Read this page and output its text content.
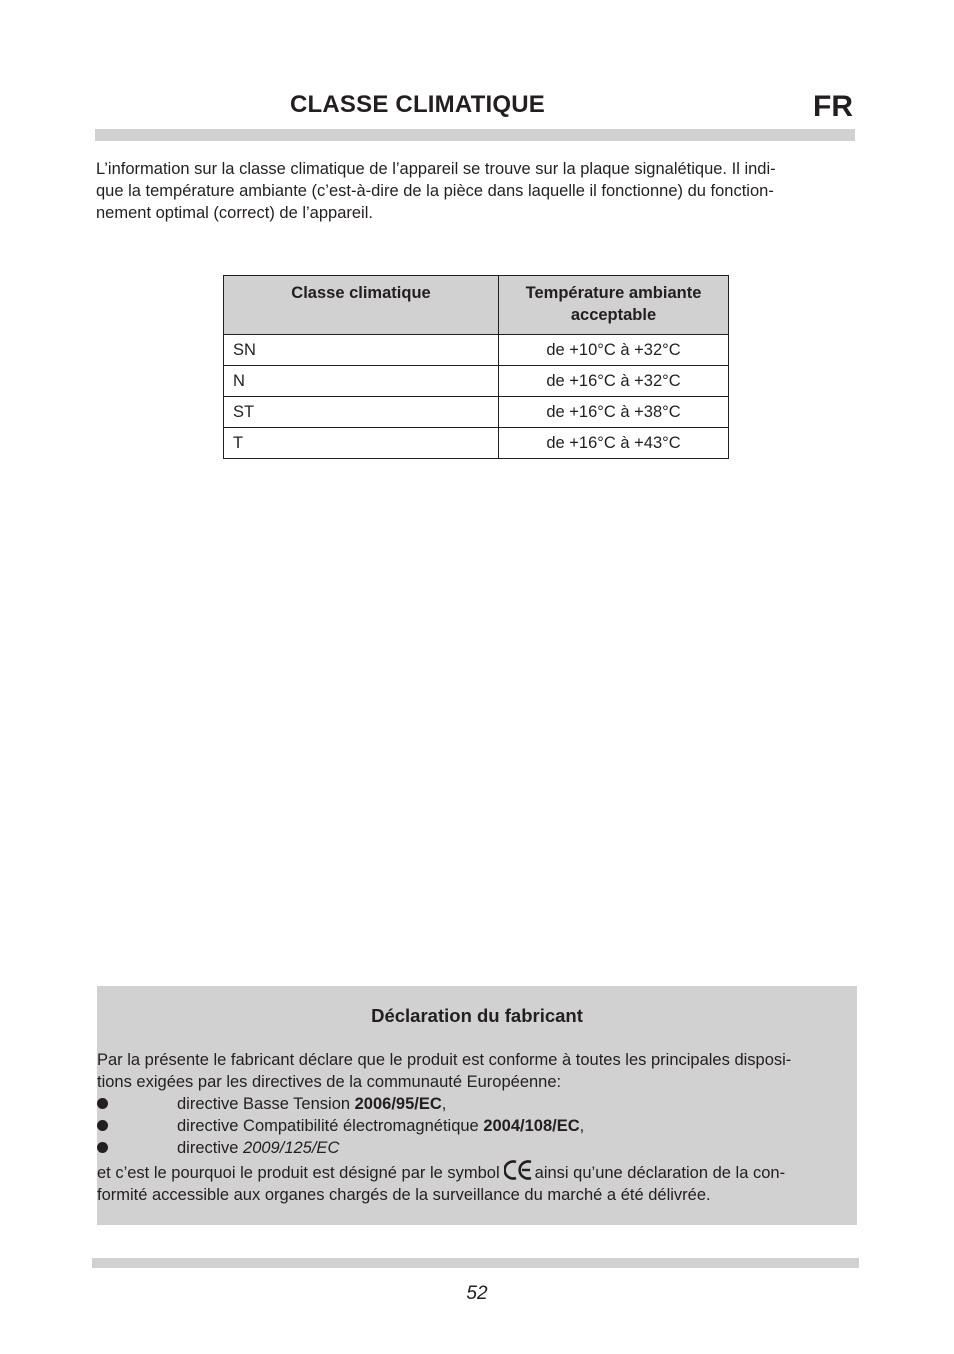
CLASSE CLIMATIQUE	FR
L’information sur la classe climatique de l’appareil se trouve sur la plaque signalétique. Il indi-
que la température ambiante (c’est-à-dire de la pièce dans laquelle il fonctionne) du fonction-
nement optimal (correct) de l’appareil.
Classe climatique	Température ambiante acceptable
SN	de +10°C à +32°C
N	de +16°C à +32°C
ST	de +16°C à +38°C
T	de +16°C à +43°C
Déclaration du fabricant
Par la présente le fabricant déclare que le produit est conforme à toutes les principales disposi-
tions exigées par les directives de la communauté Européenne:
directive Basse Tension 2006/95/EC,
directive Compatibilité électromagnétique 2004/108/EC,
directive 2009/125/EC
et c’est le pourquoi le produit est désigné par le symbol ainsi qu’une déclaration de la con-
formité accessible aux organes chargés de la surveillance du marché a été délivrée.
52
